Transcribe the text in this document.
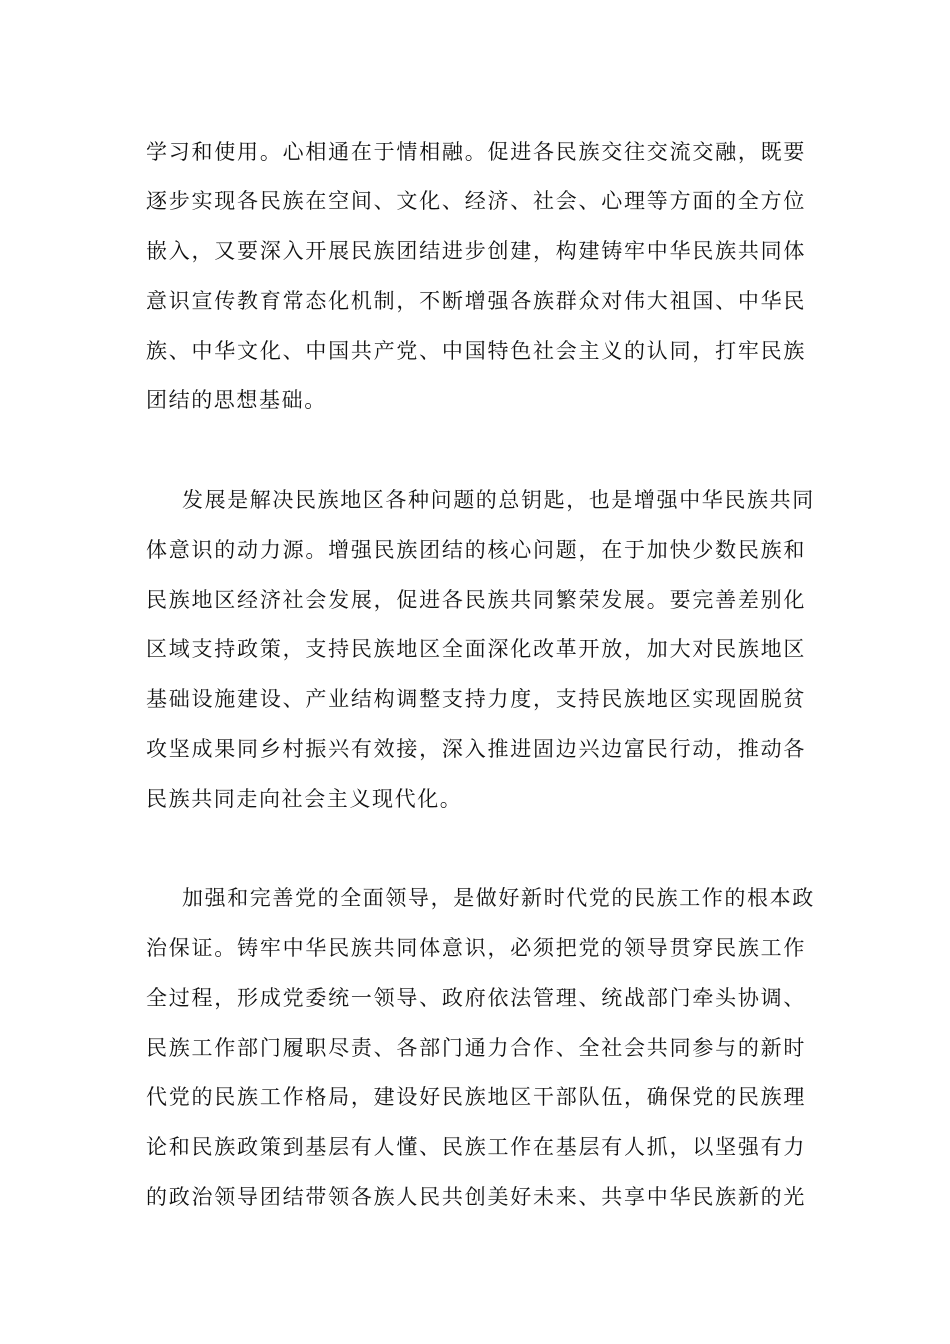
学习和使用。心相通在于情相融。促进各民族交往交流交融，既要
逐步实现各民族在空间、文化、经济、社会、心理等方面的全方位
嵌入，又要深入开展民族团结进步创建，构建铸牢中华民族共同体
意识宣传教育常态化机制，不断增强各族群众对伟大祖国、中华民
族、中华文化、中国共产党、中国特色社会主义的认同，打牢民族
团结的思想基础。
发展是解决民族地区各种问题的总钥匙，也是增强中华民族共同
体意识的动力源。增强民族团结的核心问题，在于加快少数民族和
民族地区经济社会发展，促进各民族共同繁荣发展。要完善差别化
区域支持政策，支持民族地区全面深化改革开放，加大对民族地区
基础设施建设、产业结构调整支持力度，支持民族地区实现固脱贫
攻坚成果同乡村振兴有效接，深入推进固边兴边富民行动，推动各
民族共同走向社会主义现代化。
加强和完善党的全面领导，是做好新时代党的民族工作的根本政
治保证。铸牢中华民族共同体意识，必须把党的领导贯穿民族工作
全过程，形成党委统一领导、政府依法管理、统战部门牵头协调、
民族工作部门履职尽责、各部门通力合作、全社会共同参与的新时
代党的民族工作格局，建设好民族地区干部队伍，确保党的民族理
论和民族政策到基层有人懂、民族工作在基层有人抓，以坚强有力
的政治领导团结带领各族人民共创美好未来、共享中华民族新的光
